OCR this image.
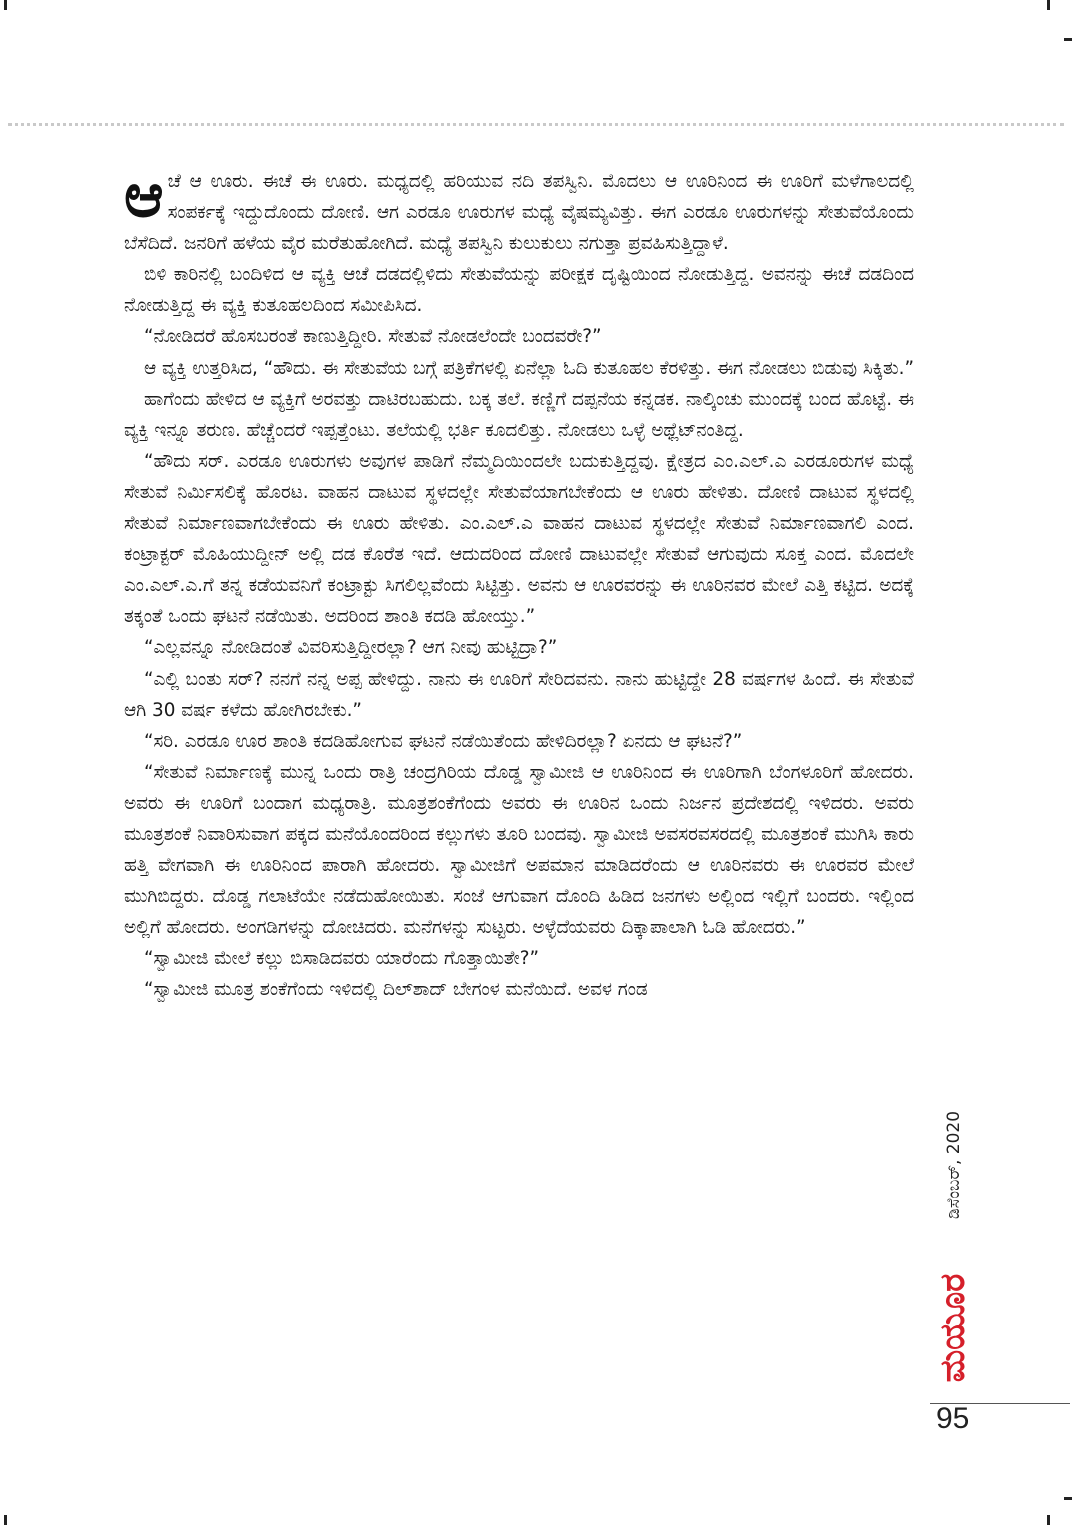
ಆಚೆ ಆ ಊರು. ಈಚೆ ಈ ಊರು. ಮಧ್ಯದಲ್ಲಿ ಹರಿಯುವ ನದಿ ತಪಸ್ವಿನಿ. ಮೊದಲು ಆ ಊರಿನಿಂದ ಈ ಊರಿಗೆ ಮಳೆಗಾಲದಲ್ಲಿ ಸಂಪರ್ಕಕ್ಕೆ ಇದ್ದುದೊಂದು ದೋಣಿ. ಆಗ ಎರಡೂ ಊರುಗಳ ಮಧ್ಯೆ ವೈಷಮ್ಯವಿತ್ತು. ಈಗ ಎರಡೂ ಊರುಗಳನ್ನು ಸೇತುವೆಯೊಂದು ಬೆಸೆದಿದೆ. ಜನರಿಗೆ ಹಳೆಯ ವೈರ ಮರೆತುಹೋಗಿದೆ. ಮಧ್ಯೆ ತಪಸ್ವಿನಿ ಕುಲುಕುಲು ನಗುತ್ತಾ ಪ್ರವಹಿಸುತ್ತಿದ್ದಾಳೆ.

ಬಿಳಿ ಕಾರಿನಲ್ಲಿ ಬಂದಿಳಿದ ಆ ವ್ಯಕ್ತಿ ಆಚೆ ದಡದಲ್ಲಿಳಿದು ಸೇತುವೆಯನ್ನು ಪರೀಕ್ಷಕ ದೃಷ್ಟಿಯಿಂದ ನೋಡುತ್ತಿದ್ದ. ಅವನನ್ನು ಈಚೆ ದಡದಿಂದ ನೋಡುತ್ತಿದ್ದ ಈ ವ್ಯಕ್ತಿ ಕುತೂಹಲದಿಂದ ಸಮೀಪಿಸಿದ.

“ನೋಡಿದರೆ ಹೊಸಬರಂತೆ ಕಾಣುತ್ತಿದ್ದೀರಿ. ಸೇತುವೆ ನೋಡಲೆಂದೇ ಬಂದವರೇ?”

ಆ ವ್ಯಕ್ತಿ ಉತ್ತರಿಸಿದ, “ಹೌದು. ಈ ಸೇತುವೆಯ ಬಗ್ಗೆ ಪತ್ರಿಕೆಗಳಲ್ಲಿ ಏನೆಲ್ಲಾ ಓದಿ ಕುತೂಹಲ ಕೆರಳಿತ್ತು. ಈಗ ನೋಡಲು ಬಿಡುವು ಸಿಕ್ಕಿತು.”

ಹಾಗೆಂದು ಹೇಳಿದ ಆ ವ್ಯಕ್ತಿಗೆ ಅರವತ್ತು ದಾಟಿರಬಹುದು. ಬಕ್ಕ ತಲೆ. ಕಣ್ಣಿಗೆ ದಪ್ಪನೆಯ ಕನ್ನಡಕ. ನಾಲ್ಕಿಂಚು ಮುಂದಕ್ಕೆ ಬಂದ ಹೊಟ್ಟೆ. ಈ ವ್ಯಕ್ತಿ ಇನ್ನೂ ತರುಣ. ಹೆಚ್ಚೆಂದರೆ ಇಪ್ಪತ್ತೆಂಟು. ತಲೆಯಲ್ಲಿ ಭರ್ತಿ ಕೂದಲಿತ್ತು. ನೋಡಲು ಒಳ್ಳೆ ಅಥ್ಲೆಟ್‌ನಂತಿದ್ದ.

“ಹೌದು ಸರ್. ಎರಡೂ ಊರುಗಳು ಅವುಗಳ ಪಾಡಿಗೆ ನೆಮ್ಮದಿಯಿಂದಲೇ ಬದುಕುತ್ತಿದ್ದವು. ಕ್ಷೇತ್ರದ ಎಂ.ಎಲ್.ಎ ಎರಡೂರುಗಳ ಮಧ್ಯೆ ಸೇತುವೆ ನಿರ್ಮಿಸಲಿಕ್ಕೆ ಹೊರಟ. ವಾಹನ ದಾಟುವ ಸ್ಥಳದಲ್ಲೇ ಸೇತುವೆಯಾಗಬೇಕೆಂದು ಆ ಊರು ಹೇಳಿತು. ದೋಣಿ ದಾಟುವ ಸ್ಥಳದಲ್ಲಿ ಸೇತುವೆ ನಿರ್ಮಾಣವಾಗಬೇಕೆಂದು ಈ ಊರು ಹೇಳಿತು. ಎಂ.ಎಲ್.ಎ ವಾಹನ ದಾಟುವ ಸ್ಥಳದಲ್ಲೇ ಸೇತುವೆ ನಿರ್ಮಾಣವಾಗಲಿ ಎಂದ. ಕಂಟ್ರಾಕ್ಟರ್ ಮೊಹಿಯುದ್ದೀನ್ ಅಲ್ಲಿ ದಡ ಕೊರೆತ ಇದೆ. ಆದುದರಿಂದ ದೋಣಿ ದಾಟುವಲ್ಲೇ ಸೇತುವೆ ಆಗುವುದು ಸೂಕ್ತ ಎಂದ. ಮೊದಲೇ ಎಂ.ಎಲ್.ಎ.ಗೆ ತನ್ನ ಕಡೆಯವನಿಗೆ ಕಂಟ್ರಾಕ್ಟು ಸಿಗಲಿಲ್ಲವೆಂದು ಸಿಟ್ಟಿತ್ತು. ಅವನು ಆ ಊರವರನ್ನು ಈ ಊರಿನವರ ಮೇಲೆ ಎತ್ತಿ ಕಟ್ಟಿದ. ಅದಕ್ಕೆ ತಕ್ಕಂತೆ ಒಂದು ಘಟನೆ ನಡೆಯಿತು. ಅದರಿಂದ ಶಾಂತಿ ಕದಡಿ ಹೋಯ್ತು.”

“ಎಲ್ಲವನ್ನೂ ನೋಡಿದಂತೆ ವಿವರಿಸುತ್ತಿದ್ದೀರಲ್ಲಾ? ಆಗ ನೀವು ಹುಟ್ಟಿದ್ರಾ?”

“ಎಲ್ಲಿ ಬಂತು ಸರ್? ನನಗೆ ನನ್ನ ಅಪ್ಪ ಹೇಳಿದ್ದು. ನಾನು ಈ ಊರಿಗೆ ಸೇರಿದವನು. ನಾನು ಹುಟ್ಟಿದ್ದೇ 28 ವರ್ಷಗಳ ಹಿಂದೆ. ಈ ಸೇತುವೆ ಆಗಿ 30 ವರ್ಷ ಕಳೆದು ಹೋಗಿರಬೇಕು.”

“ಸರಿ. ಎರಡೂ ಊರ ಶಾಂತಿ ಕದಡಿಹೋಗುವ ಘಟನೆ ನಡೆಯಿತೆಂದು ಹೇಳಿದಿರಲ್ಲಾ? ಏನದು ಆ ಘಟನೆ?”

“ಸೇತುವೆ ನಿರ್ಮಾಣಕ್ಕೆ ಮುನ್ನ ಒಂದು ರಾತ್ರಿ ಚಂದ್ರಗಿರಿಯ ದೊಡ್ಡ ಸ್ವಾಮೀಜಿ ಆ ಊರಿನಿಂದ ಈ ಊರಿಗಾಗಿ ಬೆಂಗಳೂರಿಗೆ ಹೋದರು. ಅವರು ಈ ಊರಿಗೆ ಬಂದಾಗ ಮಧ್ಯರಾತ್ರಿ. ಮೂತ್ರಶಂಕೆಗೆಂದು ಅವರು ಈ ಊರಿನ ಒಂದು ನಿರ್ಜನ ಪ್ರದೇಶದಲ್ಲಿ ಇಳಿದರು. ಅವರು ಮೂತ್ರಶಂಕೆ ನಿವಾರಿಸುವಾಗ ಪಕ್ಕದ ಮನೆಯೊಂದರಿಂದ ಕಲ್ಲುಗಳು ತೂರಿ ಬಂದವು. ಸ್ವಾಮೀಜಿ ಅವಸರವಸರದಲ್ಲಿ ಮೂತ್ರಶಂಕೆ ಮುಗಿಸಿ ಕಾರು ಹತ್ತಿ ವೇಗವಾಗಿ ಈ ಊರಿನಿಂದ ಪಾರಾಗಿ ಹೋದರು. ಸ್ವಾಮೀಜಿಗೆ ಅಪಮಾನ ಮಾಡಿದರೆಂದು ಆ ಊರಿನವರು ಈ ಊರವರ ಮೇಲೆ ಮುಗಿಬಿದ್ದರು. ದೊಡ್ಡ ಗಲಾಟೆಯೇ ನಡೆದುಹೋಯಿತು. ಸಂಜೆ ಆಗುವಾಗ ದೊಂದಿ ಹಿಡಿದ ಜನಗಳು ಅಲ್ಲಿಂದ ಇಲ್ಲಿಗೆ ಬಂದರು. ಇಲ್ಲಿಂದ ಅಲ್ಲಿಗೆ ಹೋದರು. ಅಂಗಡಿಗಳನ್ನು ದೋಚಿದರು. ಮನೆಗಳನ್ನು ಸುಟ್ಟರು. ಅಳ್ಳೆದೆಯವರು ದಿಕ್ಕಾಪಾಲಾಗಿ ಓಡಿ ಹೋದರು.”

“ಸ್ವಾಮೀಜಿ ಮೇಲೆ ಕಲ್ಲು ಬಿಸಾಡಿದವರು ಯಾರೆಂದು ಗೊತ್ತಾಯಿತೇ?”

“ಸ್ವಾಮೀಜಿ ಮೂತ್ರ ಶಂಕೆಗೆಂದು ಇಳಿದಲ್ಲಿ ದಿಲ್‌ಶಾದ್ ಬೇಗಂಳ ಮನೆಯಿದೆ. ಅವಳ ಗಂಡ

ಡಿಸೆಂಬರ್, 2020
ಮಯೂರ
95
